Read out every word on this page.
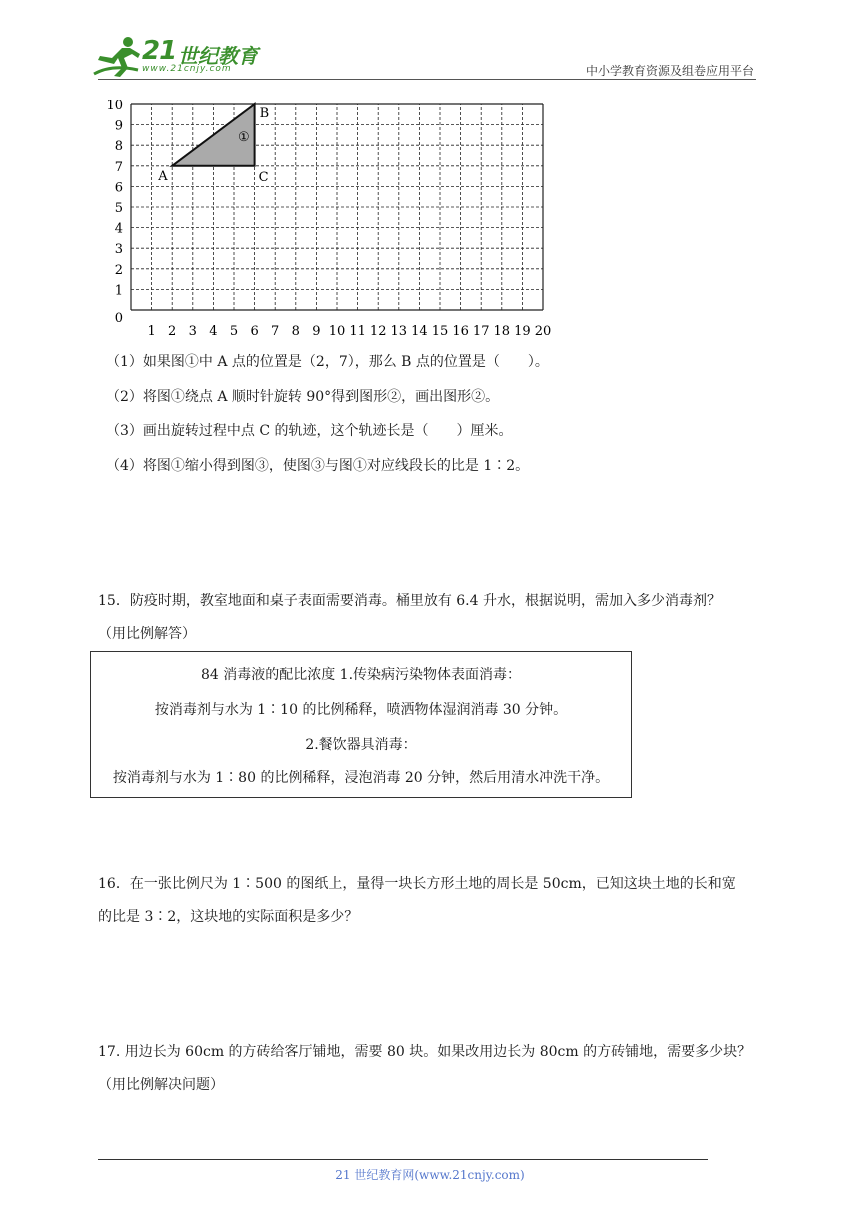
21 世纪教育
www.21cnjy.com	中小学教育资源及组卷应用平台
①
A
B
C
1 2 3 4 5 6 7 8 9 10 11 12 13 14 15 16 17 18 19 20
0
1
2
3
4
5
6
7
8
9
10
（1）如果图①中 A 点的位置是（2，7），那么 B 点的位置是（　　）。
（2）将图①绕点 A 顺时针旋转 90°得到图形②，画出图形②。
（3）画出旋转过程中点 C 的轨迹，这个轨迹长是（　　）厘米。
（4）将图①缩小得到图③，使图③与图①对应线段长的比是 1∶2。
15．防疫时期，教室地面和桌子表面需要消毒。桶里放有 6.4 升水，根据说明，需加入多少消毒剂？
（用比例解答）
84 消毒液的配比浓度 1.传染病污染物体表面消毒：
按消毒剂与水为 1∶10 的比例稀释，喷洒物体湿润消毒 30 分钟。
2.餐饮器具消毒：
按消毒剂与水为 1∶80 的比例稀释，浸泡消毒 20 分钟，然后用清水冲洗干净。
16．在一张比例尺为 1∶500 的图纸上，量得一块长方形土地的周长是 50cm，已知这块土地的长和宽
的比是 3∶2，这块地的实际面积是多少？
17. 用边长为 60cm 的方砖给客厅铺地，需要 80 块。如果改用边长为 80cm 的方砖铺地，需要多少块？
（用比例解决问题）
21 世纪教育网(www.21cnjy.com)
